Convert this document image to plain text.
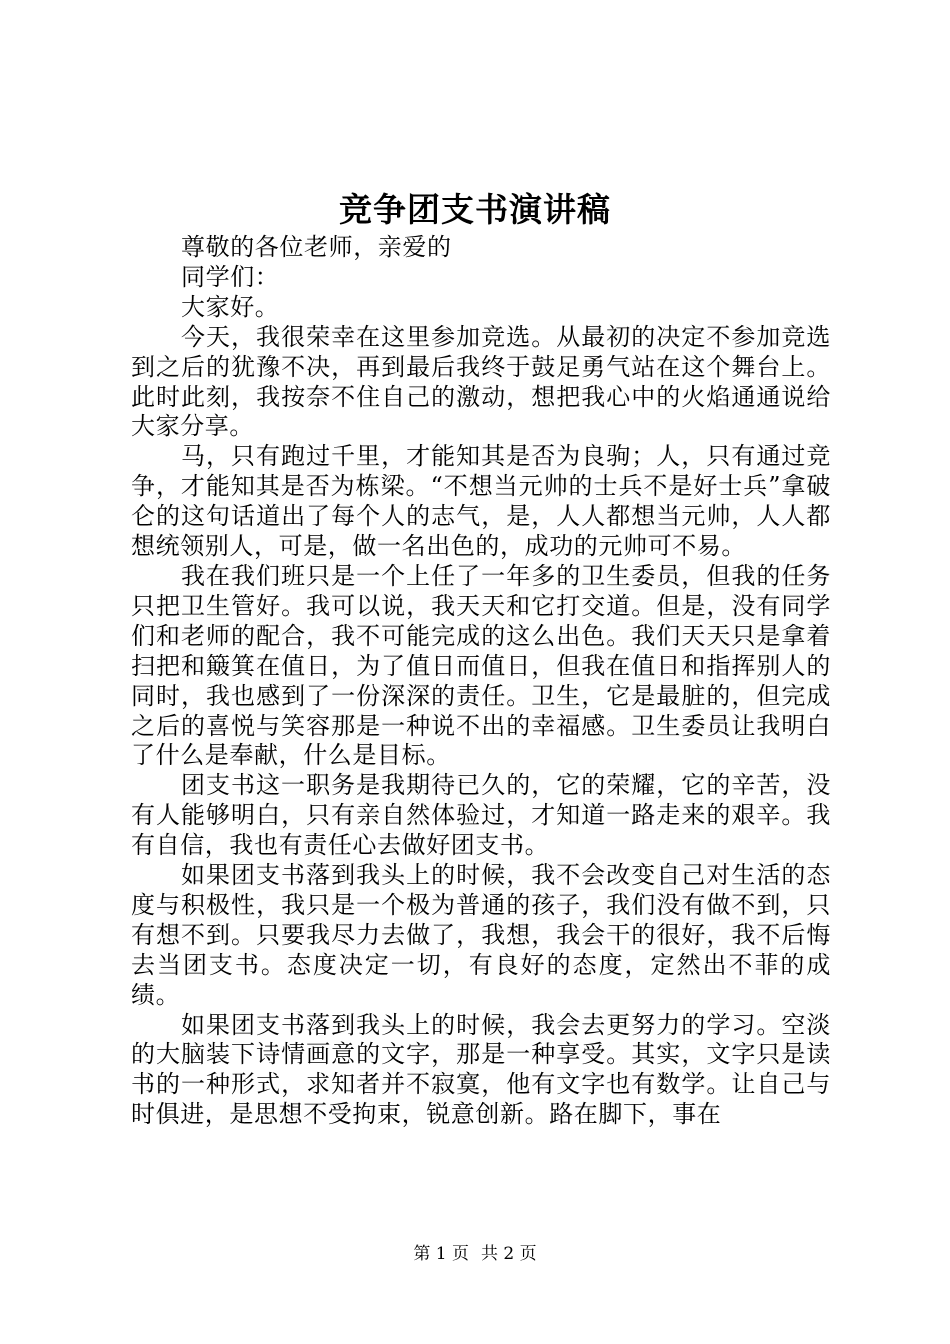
竞争团支书演讲稿

尊敬的各位老师，亲爱的

同学们：

大家好。

今天，我很荣幸在这里参加竞选。从最初的决定不参加竞选到之后的犹豫不决，再到最后我终于鼓足勇气站在这个舞台上。此时此刻，我按奈不住自己的激动，想把我心中的火焰通通说给大家分享。

马，只有跑过千里，才能知其是否为良驹；人，只有通过竞争，才能知其是否为栋梁。“不想当元帅的士兵不是好士兵”拿破仑的这句话道出了每个人的志气，是，人人都想当元帅，人人都想统领别人，可是，做一名出色的，成功的元帅可不易。

我在我们班只是一个上任了一年多的卫生委员，但我的任务只把卫生管好。我可以说，我天天和它打交道。但是，没有同学们和老师的配合，我不可能完成的这么出色。我们天天只是拿着扫把和簸箕在值日，为了值日而值日，但我在值日和指挥别人的同时，我也感到了一份深深的责任。卫生，它是最脏的，但完成之后的喜悦与笑容那是一种说不出的幸福感。卫生委员让我明白了什么是奉献，什么是目标。

团支书这一职务是我期待已久的，它的荣耀，它的辛苦，没有人能够明白，只有亲自然体验过，才知道一路走来的艰辛。我有自信，我也有责任心去做好团支书。

如果团支书落到我头上的时候，我不会改变自己对生活的态度与积极性，我只是一个极为普通的孩子，我们没有做不到，只有想不到。只要我尽力去做了，我想，我会干的很好，我不后悔去当团支书。态度决定一切，有良好的态度，定然出不菲的成绩。

如果团支书落到我头上的时候，我会去更努力的学习。空淡的大脑装下诗情画意的文字，那是一种享受。其实，文字只是读书的一种形式，求知者并不寂寞，他有文字也有数学。让自己与时俱进，是思想不受拘束，锐意创新。路在脚下，事在

第 1 页 共 2 页
